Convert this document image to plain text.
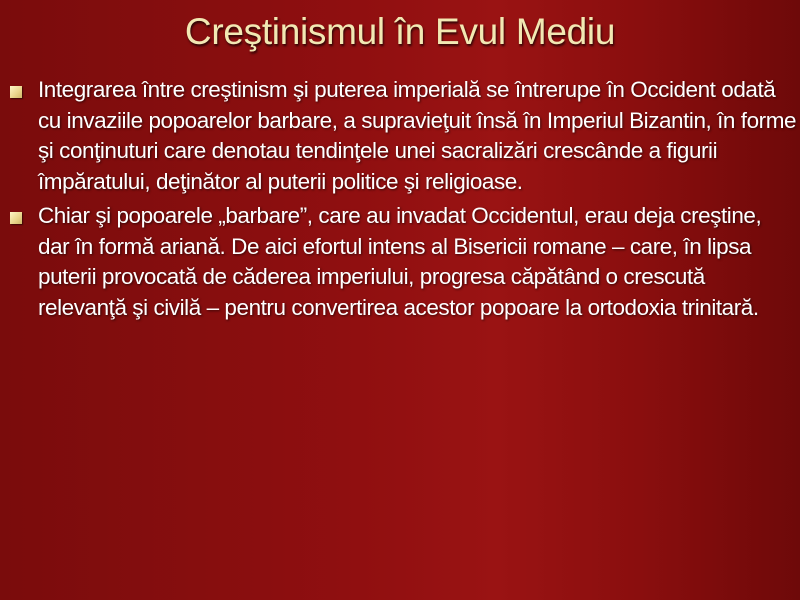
Creştinismul în Evul Mediu
Integrarea între creştinism şi puterea imperială se întrerupe în Occident odată cu invaziile popoarelor barbare, a supravieţuit însă în Imperiul Bizantin, în forme şi conţinuturi care denotau tendinţele unei sacralizări crescânde a figurii împăratului, deţinător al puterii politice şi religioase.
Chiar şi popoarele „barbare”, care au invadat Occidentul, erau deja creştine, dar în formă ariană. De aici efortul intens al Bisericii romane – care, în lipsa puterii provocată de căderea imperiului, progresa căpătând o crescută relevanţă şi civilă – pentru convertirea acestor popoare la ortodoxia trinitară.
